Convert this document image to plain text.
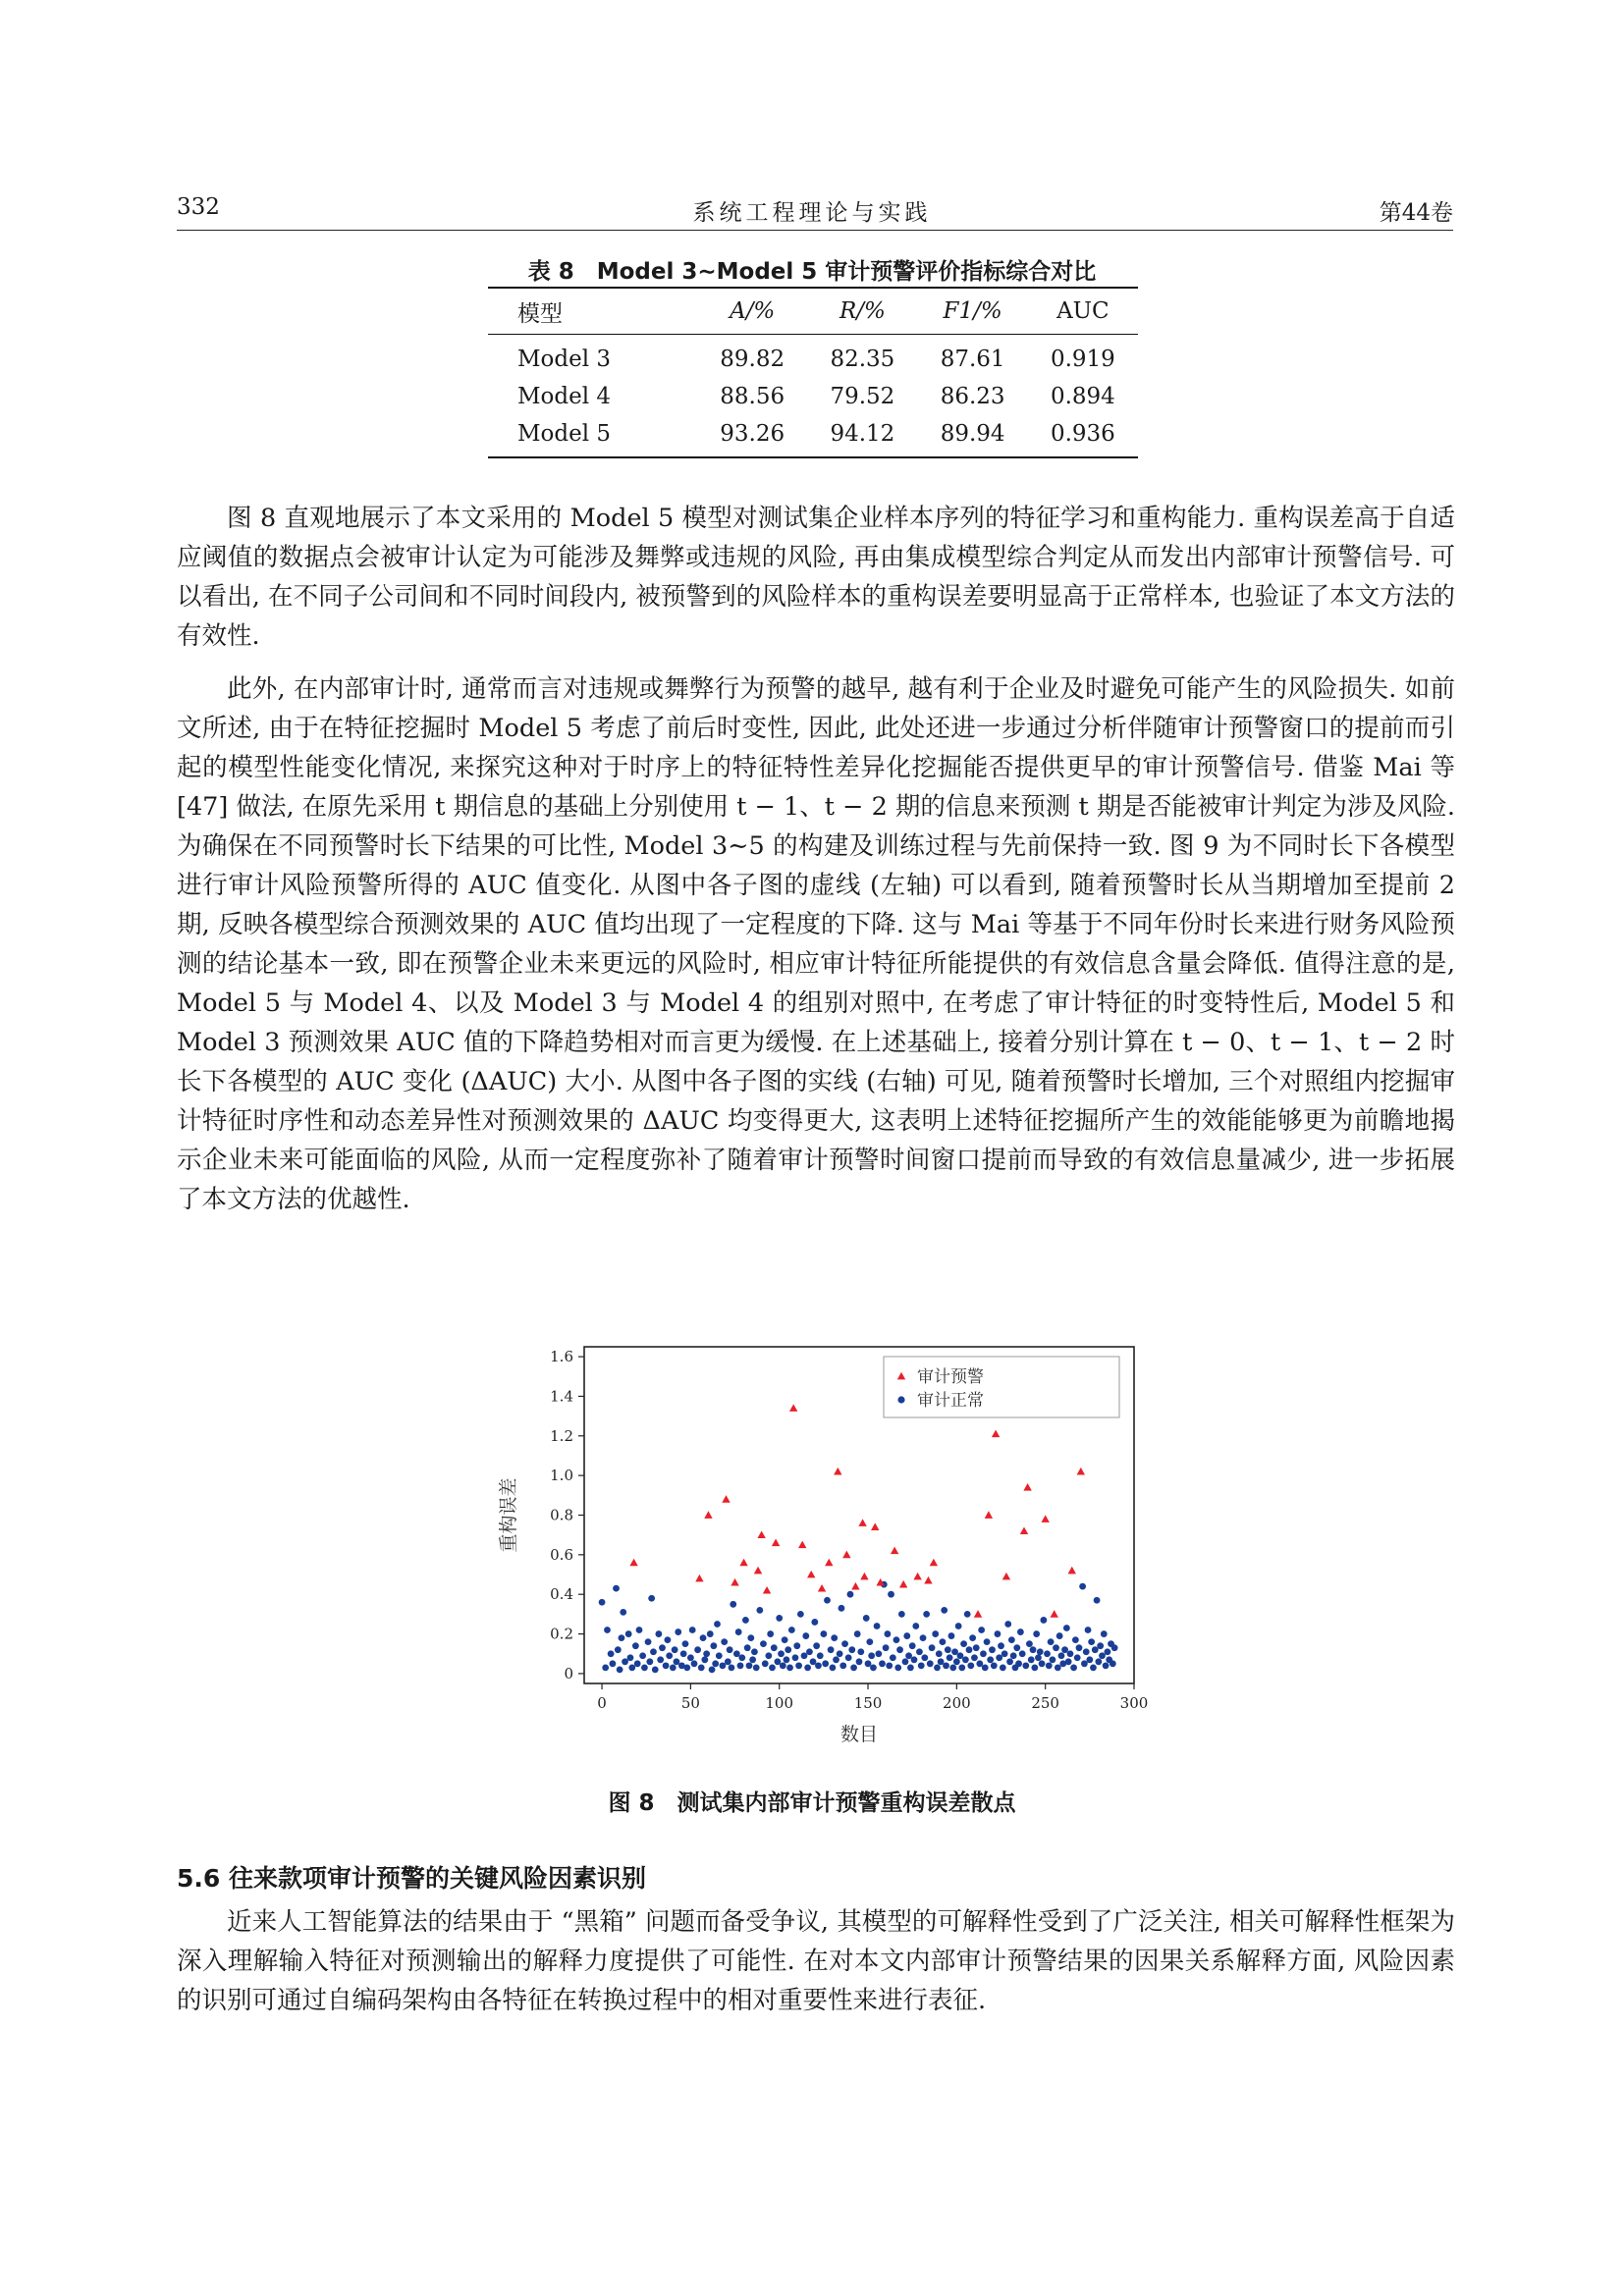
332	系统工程理论与实践	第44卷
表 8　Model 3∼Model 5 审计预警评价指标综合对比
模型	A/%	R/%	F1/%	AUC
Model 3	89.82	82.35	87.61	0.919
Model 4	88.56	79.52	86.23	0.894
Model 5	93.26	94.12	89.94	0.936

图 8 直观地展示了本文采用的 Model 5 模型对测试集企业样本序列的特征学习和重构能力. 重构误差高于自适应阈值的数据点会被审计认定为可能涉及舞弊或违规的风险, 再由集成模型综合判定从而发出内部审计预警信号. 可以看出, 在不同子公司间和不同时间段内, 被预警到的风险样本的重构误差要明显高于正常样本, 也验证了本文方法的有效性.

此外, 在内部审计时, 通常而言对违规或舞弊行为预警的越早, 越有利于企业及时避免可能产生的风险损失. 如前文所述, 由于在特征挖掘时 Model 5 考虑了前后时变性, 因此, 此处还进一步通过分析伴随审计预警窗口的提前而引起的模型性能变化情况, 来探究这种对于时序上的特征特性差异化挖掘能否提供更早的审计预警信号. 借鉴 Mai 等[47] 做法, 在原先采用 t 期信息的基础上分别使用 t − 1、t − 2 期的信息来预测 t 期是否能被审计判定为涉及风险. 为确保在不同预警时长下结果的可比性, Model 3∼5 的构建及训练过程与先前保持一致. 图 9 为不同时长下各模型进行审计风险预警所得的 AUC 值变化. 从图中各子图的虚线 (左轴) 可以看到, 随着预警时长从当期增加至提前 2 期, 反映各模型综合预测效果的 AUC 值均出现了一定程度的下降. 这与 Mai 等基于不同年份时长来进行财务风险预测的结论基本一致, 即在预警企业未来更远的风险时, 相应审计特征所能提供的有效信息含量会降低. 值得注意的是, Model 5 与 Model 4、以及 Model 3 与 Model 4 的组别对照中, 在考虑了审计特征的时变特性后, Model 5 和 Model 3 预测效果 AUC 值的下降趋势相对而言更为缓慢. 在上述基础上, 接着分别计算在 t − 0、t − 1、t − 2 时长下各模型的 AUC 变化 (ΔAUC) 大小. 从图中各子图的实线 (右轴) 可见, 随着预警时长增加, 三个对照组内挖掘审计特征时序性和动态差异性对预测效果的 ΔAUC 均变得更大, 这表明上述特征挖掘所产生的效能能够更为前瞻地揭示企业未来可能面临的风险, 从而一定程度弥补了随着审计预警时间窗口提前而导致的有效信息量减少, 进一步拓展了本文方法的优越性.

0
0.2
0.4
0.6
0.8
1.0
1.2
1.4
1.6
0	50	100	150	200	250	300
数目
重构误差
审计预警
审计正常
图 8　测试集内部审计预警重构误差散点
5.6 往来款项审计预警的关键风险因素识别

近来人工智能算法的结果由于 “黑箱” 问题而备受争议, 其模型的可解释性受到了广泛关注, 相关可解释性框架为深入理解输入特征对预测输出的解释力度提供了可能性. 在对本文内部审计预警结果的因果关系解释方面, 风险因素的识别可通过自编码架构由各特征在转换过程中的相对重要性来进行表征.
